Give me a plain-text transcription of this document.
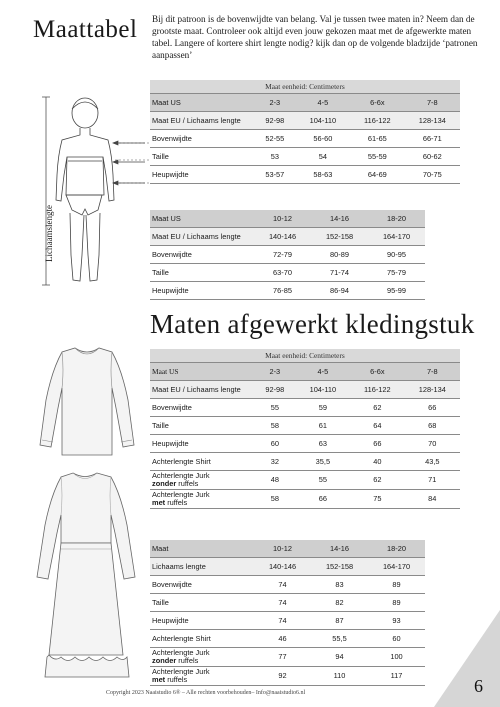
Maattabel Bij dit patroon is de bovenwijdte van belang. Val je tussen twee maten in? Neem dan de grootste maat. Controleer ook altijd even jouw gekozen maat met de afgewerkte maten tabel. Langere of kortere shirt lengte nodig? kijk dan op de volgende bladzijde ‘patronen aanpassen’
Lichaamslengte
Maat eenheid: Centimeters				
Maat US	2-3	4-5	6-6x	7-8
Maat EU / Lichaams lengte	92-98	104-110	116-122	128-134
Bovenwijdte	52-55	56-60	61-65	66-71
Taille	53	54	55-59	60-62
Heupwijdte	53-57	58-63	64-69	70-75
Maat US	10-12	14-16	18-20
Maat EU / Lichaams lengte	140-146	152-158	164-170
Bovenwijdte	72-79	80-89	90-95
Taille	63-70	71-74	75-79
Heupwijdte	76-85	86-94	95-99
Maten afgewerkt kledingstuk
Maat eenheid: Centimeters				
Maat US	2-3	4-5	6-6x	7-8
Maat EU / Lichaams lengte	92-98	104-110	116-122	128-134
Bovenwijdte	55	59	62	66
Taille	58	61	64	68
Heupwijdte	60	63	66	70
Achterlengte Shirt	32	35,5	40	43,5
Achterlengte Jurk
zonder ruffels	48	55	62	71
Achterlengte Jurk
met ruffels	58	66	75	84
Maat	10-12	14-16	18-20
Lichaams lengte	140-146	152-158	164-170
Bovenwijdte	74	83	89
Taille	74	82	89
Heupwijdte	74	87	93
Achterlengte Shirt	46	55,5	60
Achterlengte Jurk
zonder ruffels	77	94	100
Achterlengte Jurk
met ruffels	92	110	117
6
Copyright 2023 Naaistudio 6® – Alle rechten voorbehouden– Info@naaistudio6.nl
